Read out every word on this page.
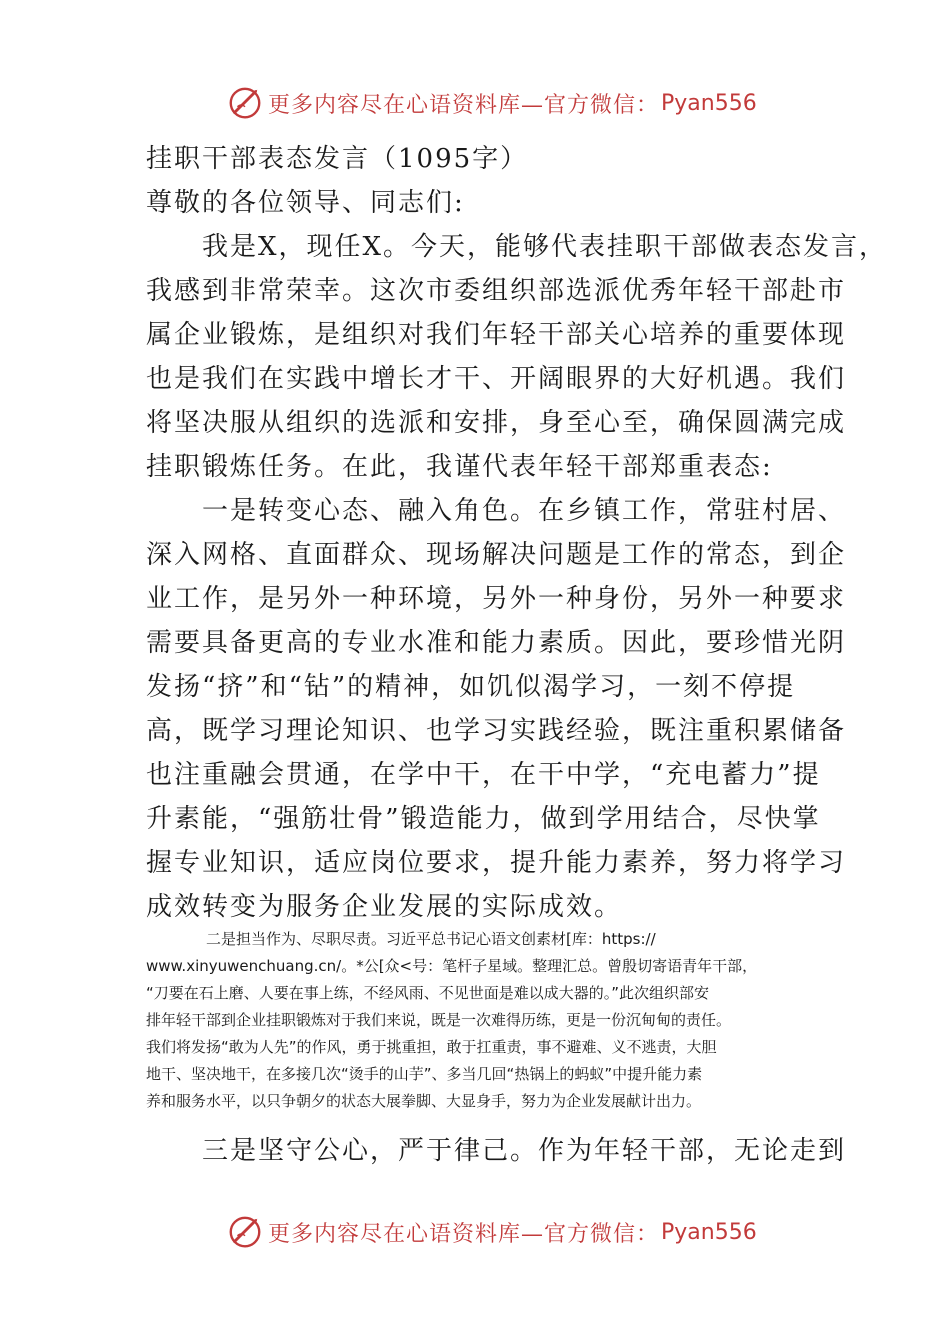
更多内容尽在心语资料库—官方微信： Pyan556
挂职干部表态发言（1095字）
尊敬的各位领导、同志们:
　　我是X，现任X。今天，能够代表挂职干部做表态发言，
我感到非常荣幸。这次市委组织部选派优秀年轻干部赴市
属企业锻炼，是组织对我们年轻干部关心培养的重要体现
也是我们在实践中增长才干、开阔眼界的大好机遇。我们
将坚决服从组织的选派和安排，身至心至，确保圆满完成
挂职锻炼任务。在此，我谨代表年轻干部郑重表态:
　　一是转变心态、融入角色。在乡镇工作，常驻村居、
深入网格、直面群众、现场解决问题是工作的常态，到企
业工作，是另外一种环境，另外一种身份，另外一种要求
需要具备更高的专业水准和能力素质。因此，要珍惜光阴
发扬“挤”和“钻”的精神，如饥似渴学习，一刻不停提
高，既学习理论知识、也学习实践经验，既注重积累储备
也注重融会贯通，在学中干，在干中学，“充电蓄力”提
升素能，“强筋壮骨”锻造能力，做到学用结合，尽快掌
握专业知识，适应岗位要求，提升能力素养，努力将学习
成效转变为服务企业发展的实际成效。
　　　　二是担当作为、尽职尽责。习近平总书记心语文创素材[库：https://
www.xinyuwenchuang.cn/。*公[众<号：笔杆子星域。整理汇总。曾殷切寄语青年干部，
“刀要在石上磨、人要在事上练，不经风雨、不见世面是难以成大器的。”此次组织部安
排年轻干部到企业挂职锻炼对于我们来说，既是一次难得历练，更是一份沉甸甸的责任。
我们将发扬“敢为人先”的作风，勇于挑重担，敢于扛重责，事不避难、义不逃责，大胆
地干、坚决地干，在多接几次“烫手的山芋”、多当几回“热锅上的蚂蚁”中提升能力素
养和服务水平，以只争朝夕的状态大展拳脚、大显身手，努力为企业发展献计出力。
　　三是坚守公心，严于律己。作为年轻干部，无论走到
更多内容尽在心语资料库—官方微信： Pyan556
